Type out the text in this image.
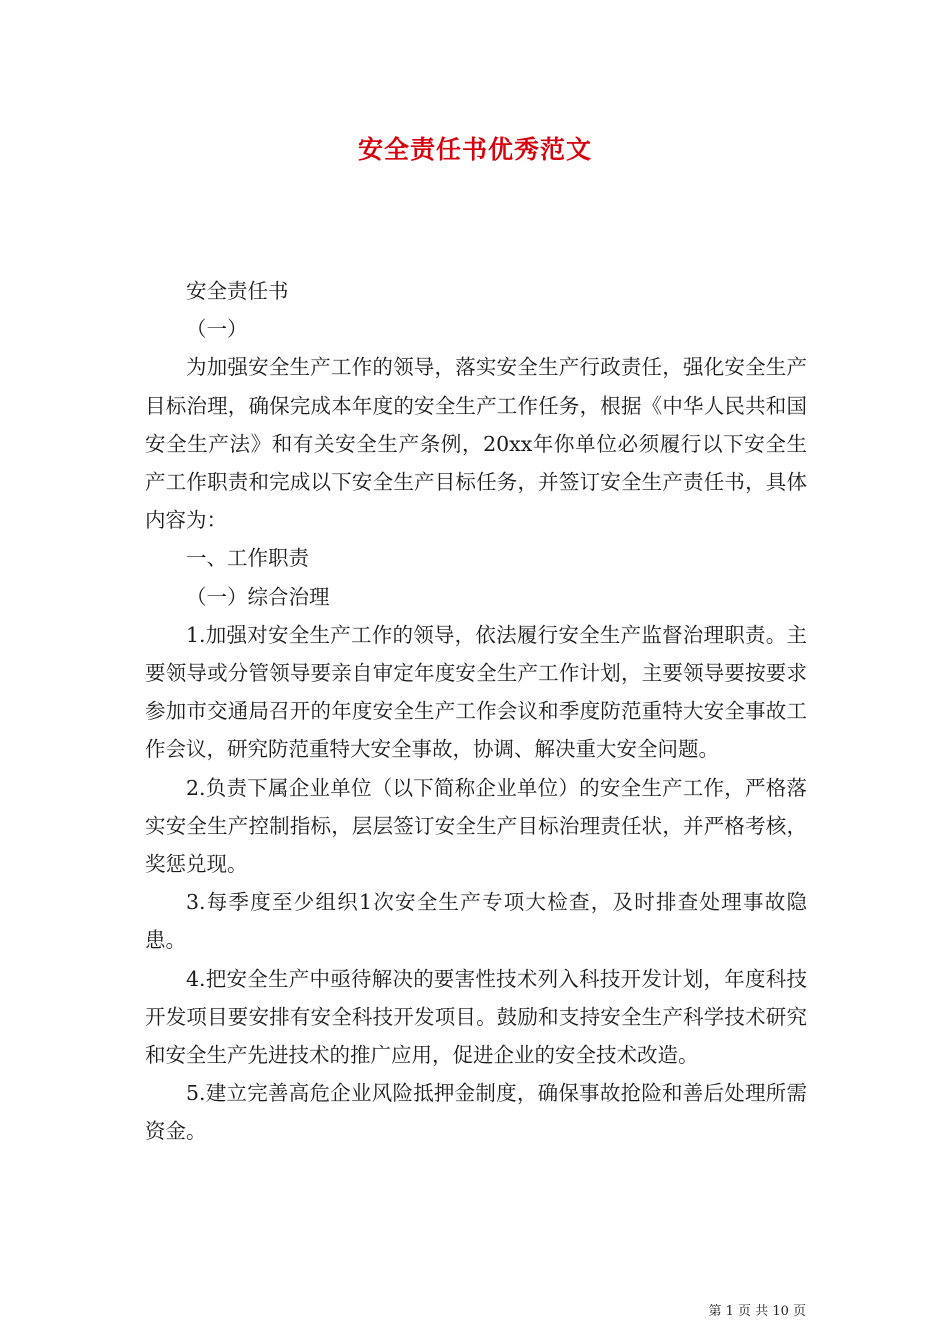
安全责任书优秀范文

安全责任书

（一）

为加强安全生产工作的领导，落实安全生产行政责任，强化安全生产目标治理，确保完成本年度的安全生产工作任务，根据《中华人民共和国安全生产法》和有关安全生产条例，20xx年你单位必须履行以下安全生产工作职责和完成以下安全生产目标任务，并签订安全生产责任书，具体内容为：

一、工作职责

（一）综合治理

1.加强对安全生产工作的领导，依法履行安全生产监督治理职责。主要领导或分管领导要亲自审定年度安全生产工作计划，主要领导要按要求参加市交通局召开的年度安全生产工作会议和季度防范重特大安全事故工作会议，研究防范重特大安全事故，协调、解决重大安全问题。

2.负责下属企业单位（以下简称企业单位）的安全生产工作，严格落实安全生产控制指标，层层签订安全生产目标治理责任状，并严格考核，奖惩兑现。

3.每季度至少组织1次安全生产专项大检查，及时排查处理事故隐患。

4.把安全生产中亟待解决的要害性技术列入科技开发计划，年度科技开发项目要安排有安全科技开发项目。鼓励和支持安全生产科学技术研究和安全生产先进技术的推广应用，促进企业的安全技术改造。

5.建立完善高危企业风险抵押金制度，确保事故抢险和善后处理所需资金。

第 1 页 共 10 页
